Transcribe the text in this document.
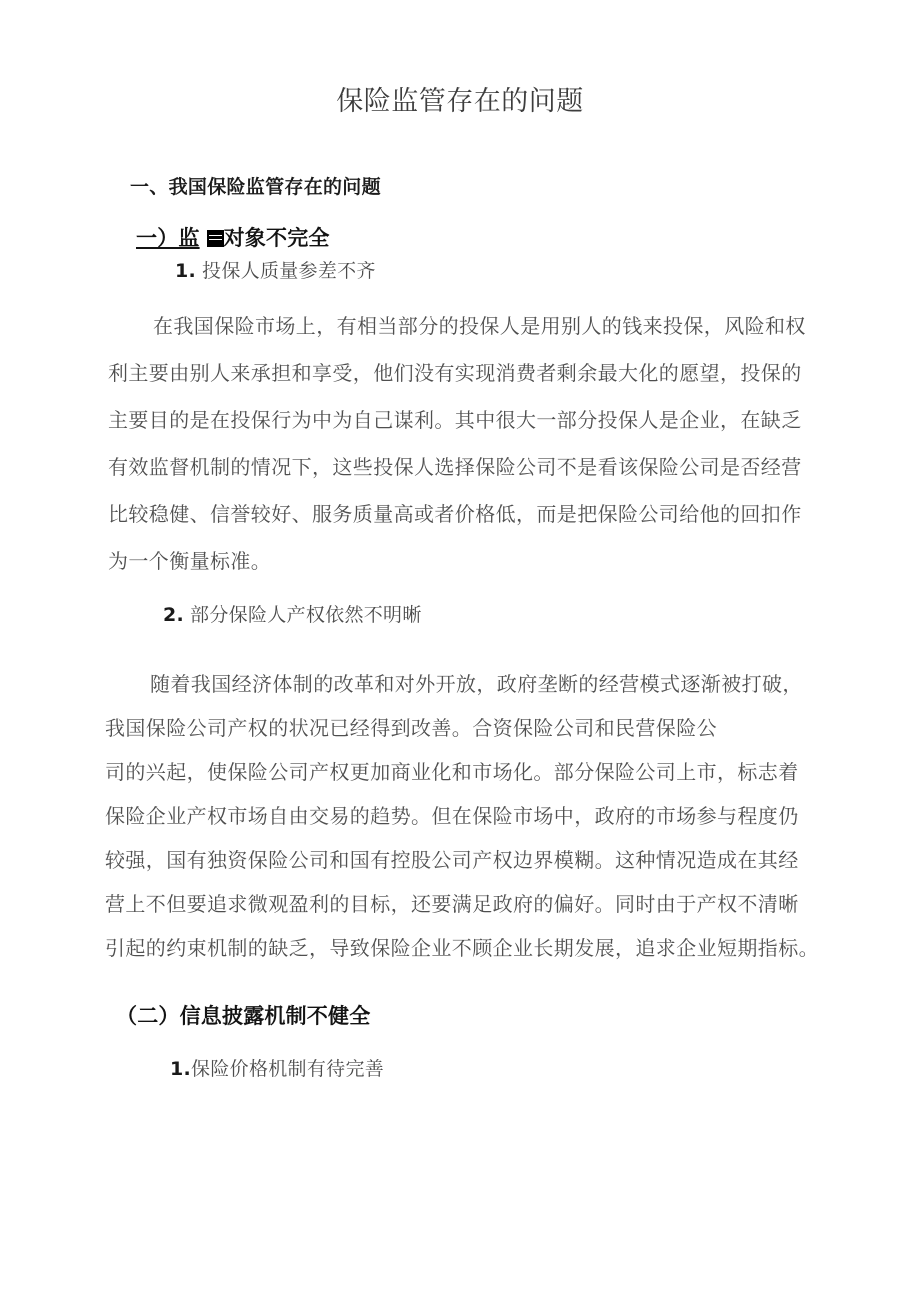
保险监管存在的问题
一、我国保险监管存在的问题
一）监 对象不完全
1. 投保人质量参差不齐
在我国保险市场上，有相当部分的投保人是用别人的钱来投保，风险和权
利主要由别人来承担和享受，他们没有实现消费者剩余最大化的愿望，投保的
主要目的是在投保行为中为自己谋利。其中很大一部分投保人是企业，在缺乏
有效监督机制的情况下，这些投保人选择保险公司不是看该保险公司是否经营
比较稳健、信誉较好、服务质量高或者价格低，而是把保险公司给他的回扣作
为一个衡量标准。
2. 部分保险人产权依然不明晰
随着我国经济体制的改革和对外开放，政府垄断的经营模式逐渐被打破，
我国保险公司产权的状况已经得到改善。合资保险公司和民营保险公
司的兴起，使保险公司产权更加商业化和市场化。部分保险公司上市，标志着
保险企业产权市场自由交易的趋势。但在保险市场中，政府的市场参与程度仍
较强，国有独资保险公司和国有控股公司产权边界模糊。这种情况造成在其经
营上不但要追求微观盈利的目标，还要满足政府的偏好。同时由于产权不清晰
引起的约束机制的缺乏，导致保险企业不顾企业长期发展，追求企业短期指标。
（二）信息披露机制不健全
1.保险价格机制有待完善
